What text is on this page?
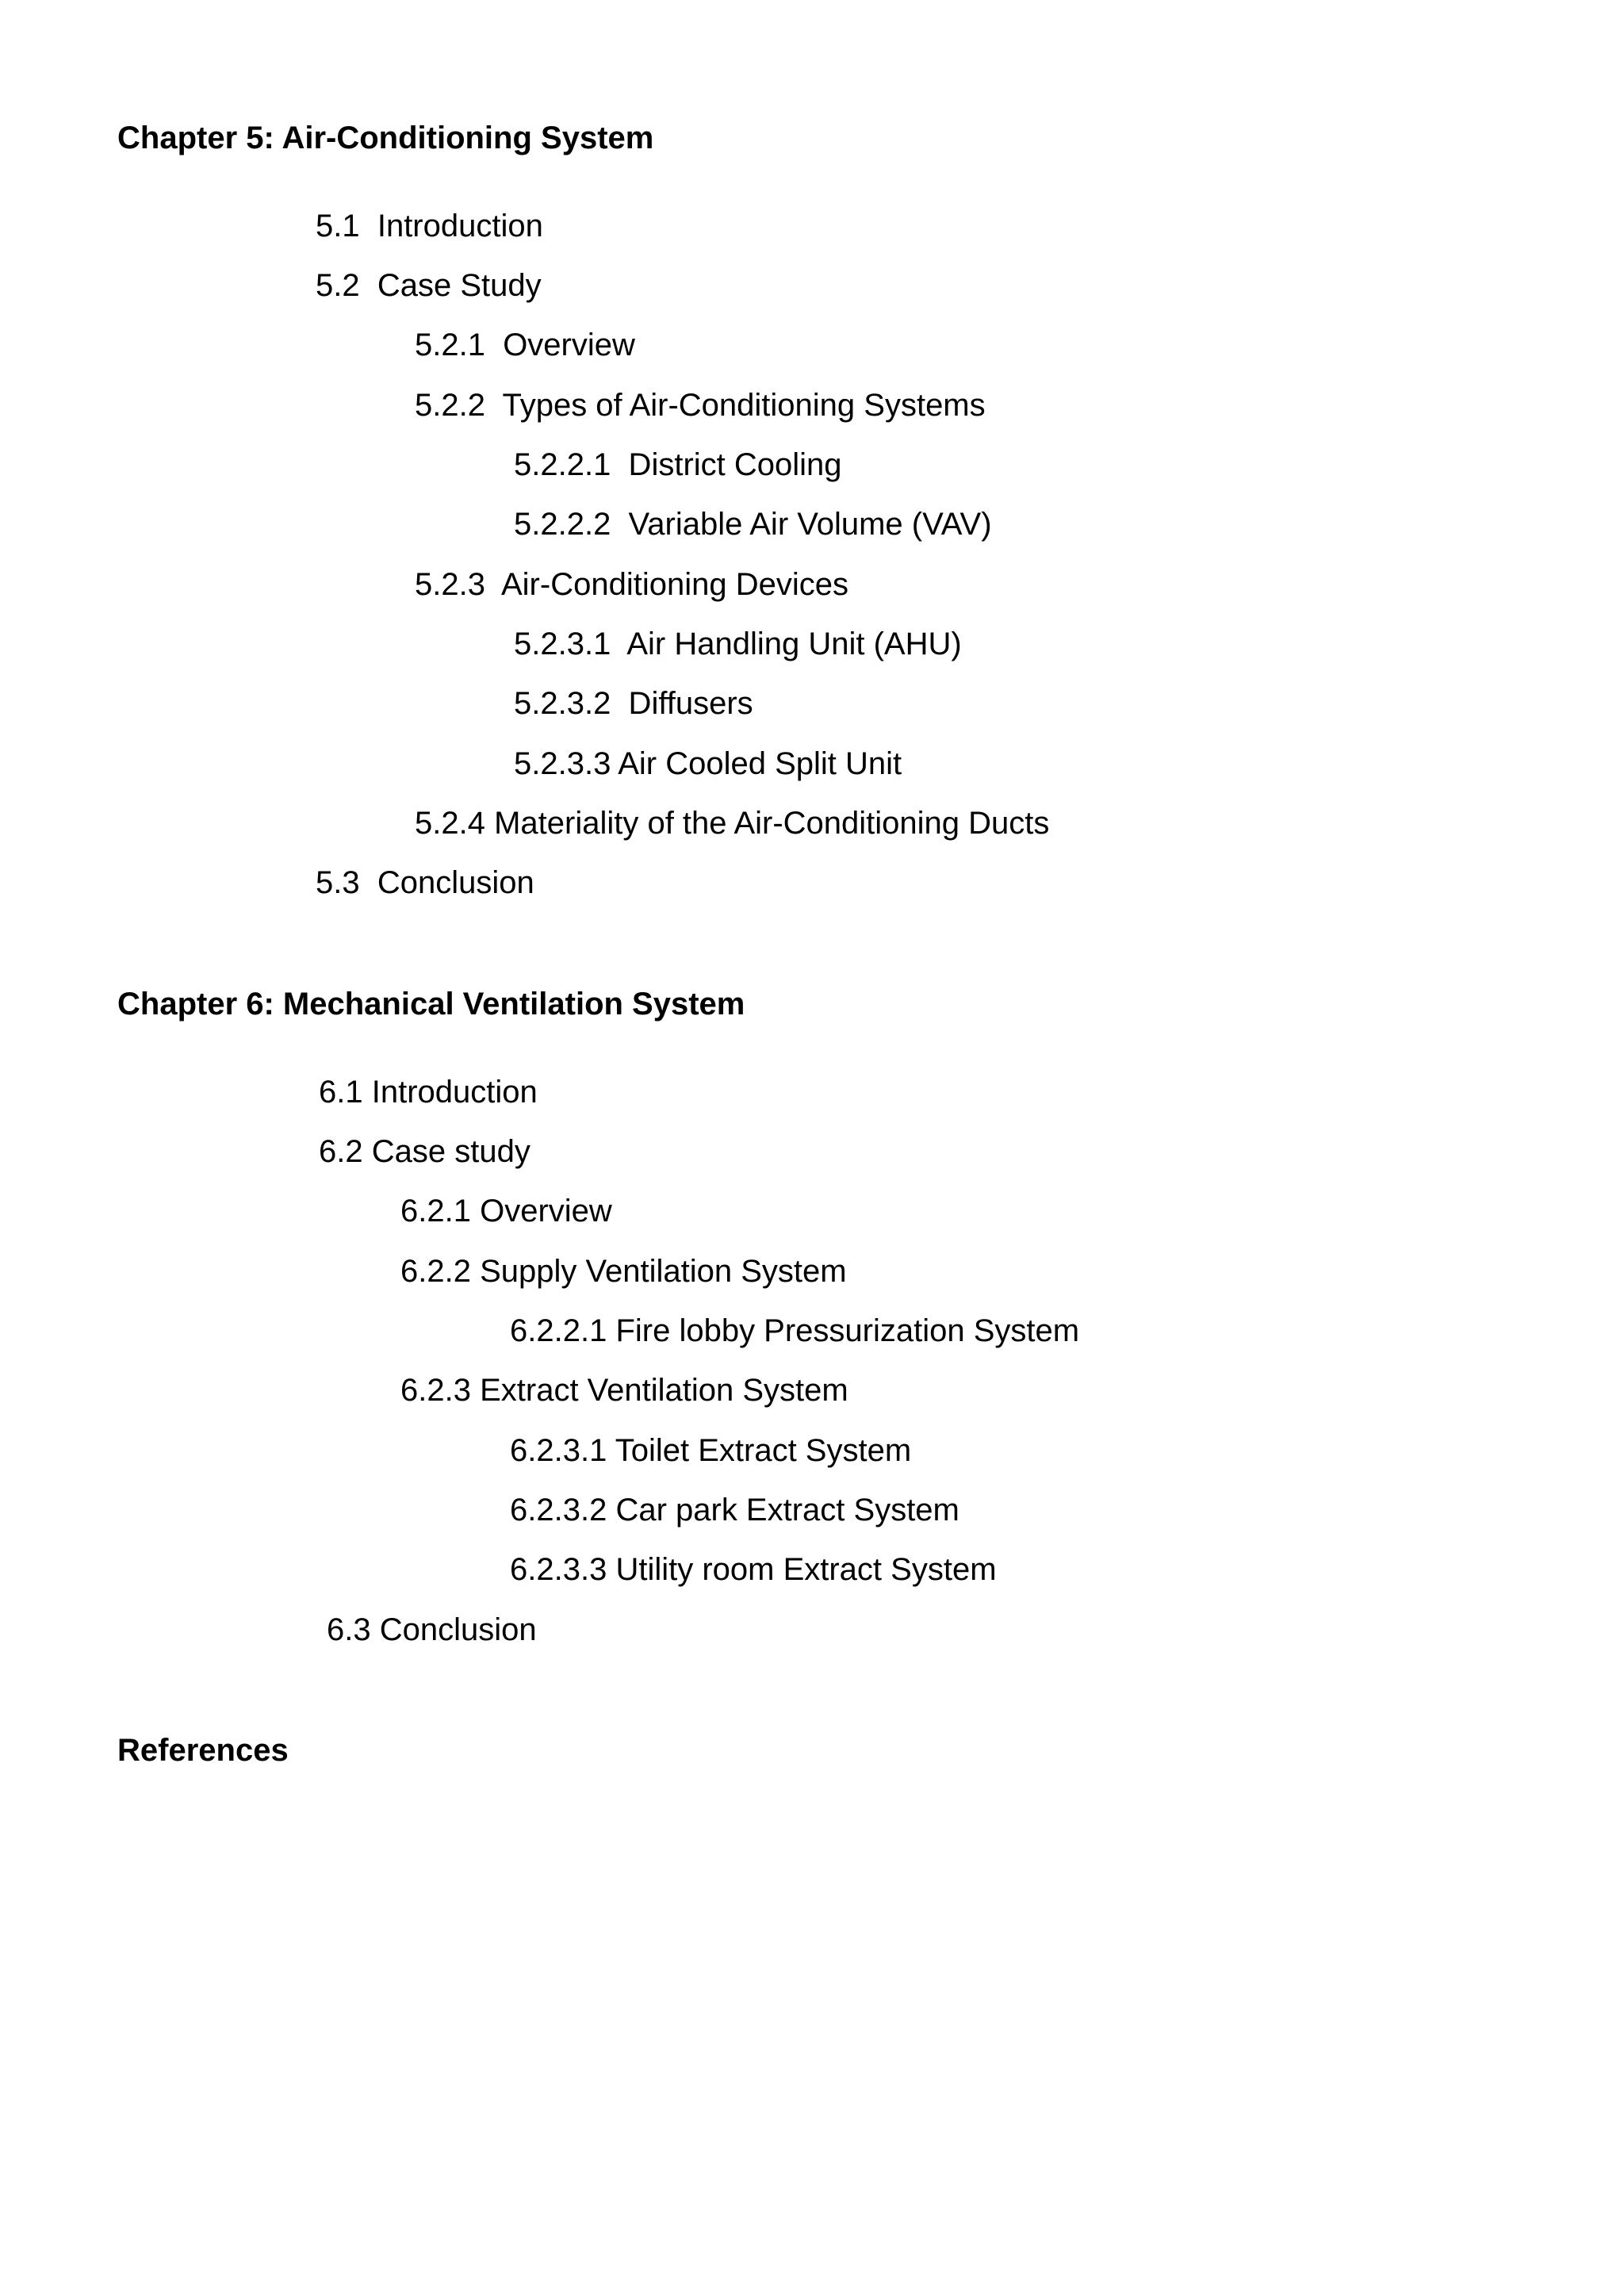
Chapter 5: Air-Conditioning System

5.1  Introduction

5.2  Case Study

5.2.1  Overview

5.2.2  Types of Air-Conditioning Systems

5.2.2.1  District Cooling

5.2.2.2  Variable Air Volume (VAV)

5.2.3  Air-Conditioning Devices

5.2.3.1  Air Handling Unit (AHU)

5.2.3.2  Diffusers

5.2.3.3 Air Cooled Split Unit

5.2.4 Materiality of the Air-Conditioning Ducts

5.3  Conclusion

Chapter 6: Mechanical Ventilation System

6.1 Introduction

6.2 Case study

6.2.1 Overview

6.2.2 Supply Ventilation System

6.2.2.1 Fire lobby Pressurization System

6.2.3 Extract Ventilation System

6.2.3.1 Toilet Extract System

6.2.3.2 Car park Extract System

6.2.3.3 Utility room Extract System

6.3 Conclusion

References
